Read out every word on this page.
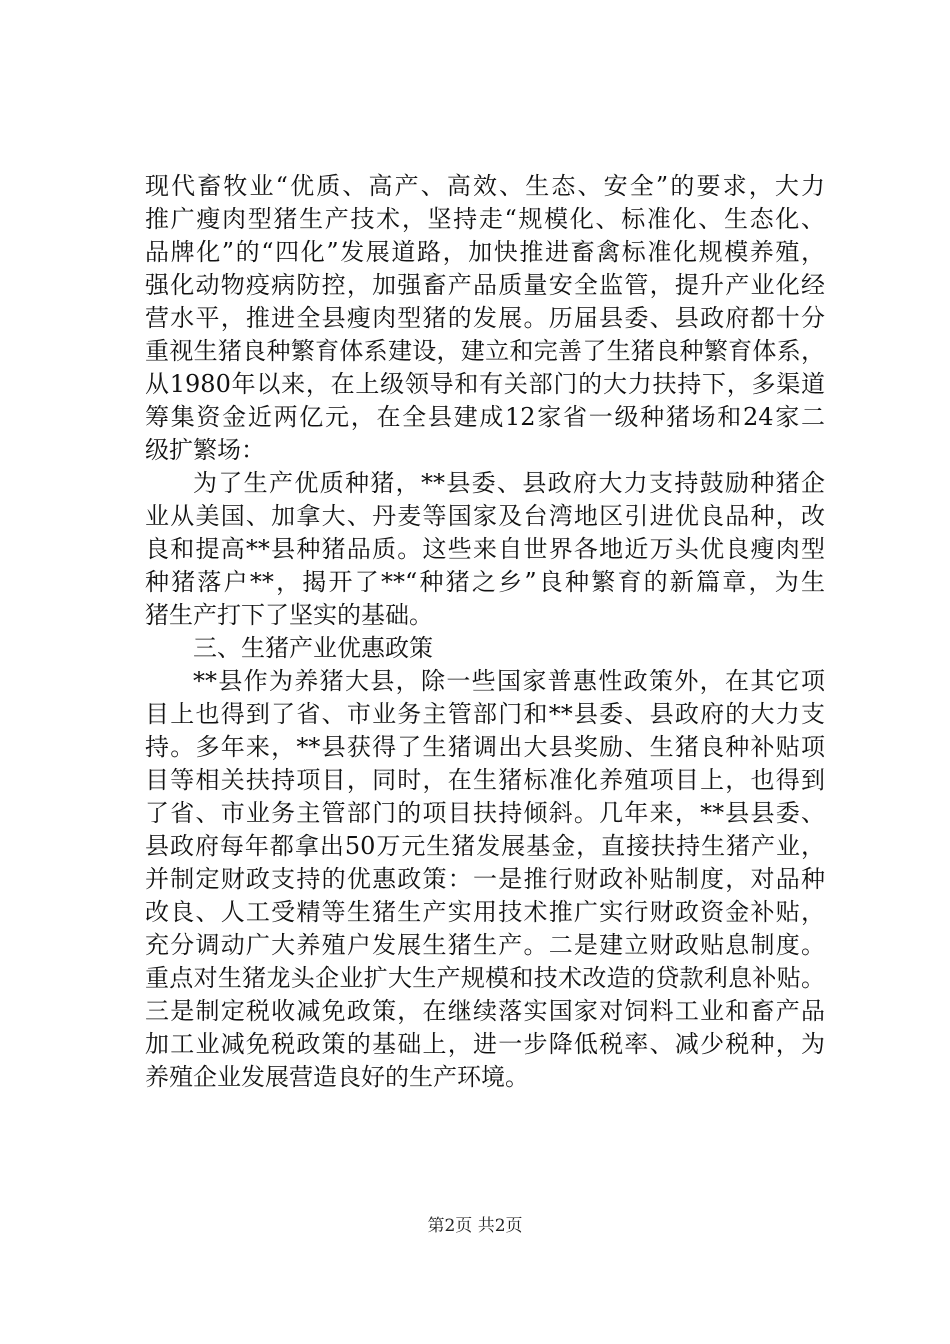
现代畜牧业“优质、高产、高效、生态、安全”的要求，大力
推广瘦肉型猪生产技术，坚持走“规模化、标准化、生态化、
品牌化”的“四化”发展道路，加快推进畜禽标准化规模养殖，
强化动物疫病防控，加强畜产品质量安全监管，提升产业化经
营水平，推进全县瘦肉型猪的发展。历届县委、县政府都十分
重视生猪良种繁育体系建设，建立和完善了生猪良种繁育体系，
从1980年以来，在上级领导和有关部门的大力扶持下，多渠道
筹集资金近两亿元，在全县建成12家省一级种猪场和24家二
级扩繁场：
为了生产优质种猪，**县委、县政府大力支持鼓励种猪企
业从美国、加拿大、丹麦等国家及台湾地区引进优良品种，改
良和提高**县种猪品质。这些来自世界各地近万头优良瘦肉型
种猪落户**，揭开了**“种猪之乡”良种繁育的新篇章，为生
猪生产打下了坚实的基础。
三、生猪产业优惠政策
**县作为养猪大县，除一些国家普惠性政策外，在其它项
目上也得到了省、市业务主管部门和**县委、县政府的大力支
持。多年来，**县获得了生猪调出大县奖励、生猪良种补贴项
目等相关扶持项目，同时，在生猪标准化养殖项目上，也得到
了省、市业务主管部门的项目扶持倾斜。几年来，**县县委、
县政府每年都拿出50万元生猪发展基金，直接扶持生猪产业，
并制定财政支持的优惠政策：一是推行财政补贴制度，对品种
改良、人工受精等生猪生产实用技术推广实行财政资金补贴，
充分调动广大养殖户发展生猪生产。二是建立财政贴息制度。
重点对生猪龙头企业扩大生产规模和技术改造的贷款利息补贴。
三是制定税收减免政策，在继续落实国家对饲料工业和畜产品
加工业减免税政策的基础上，进一步降低税率、减少税种，为
养殖企业发展营造良好的生产环境。
第2页 共2页
